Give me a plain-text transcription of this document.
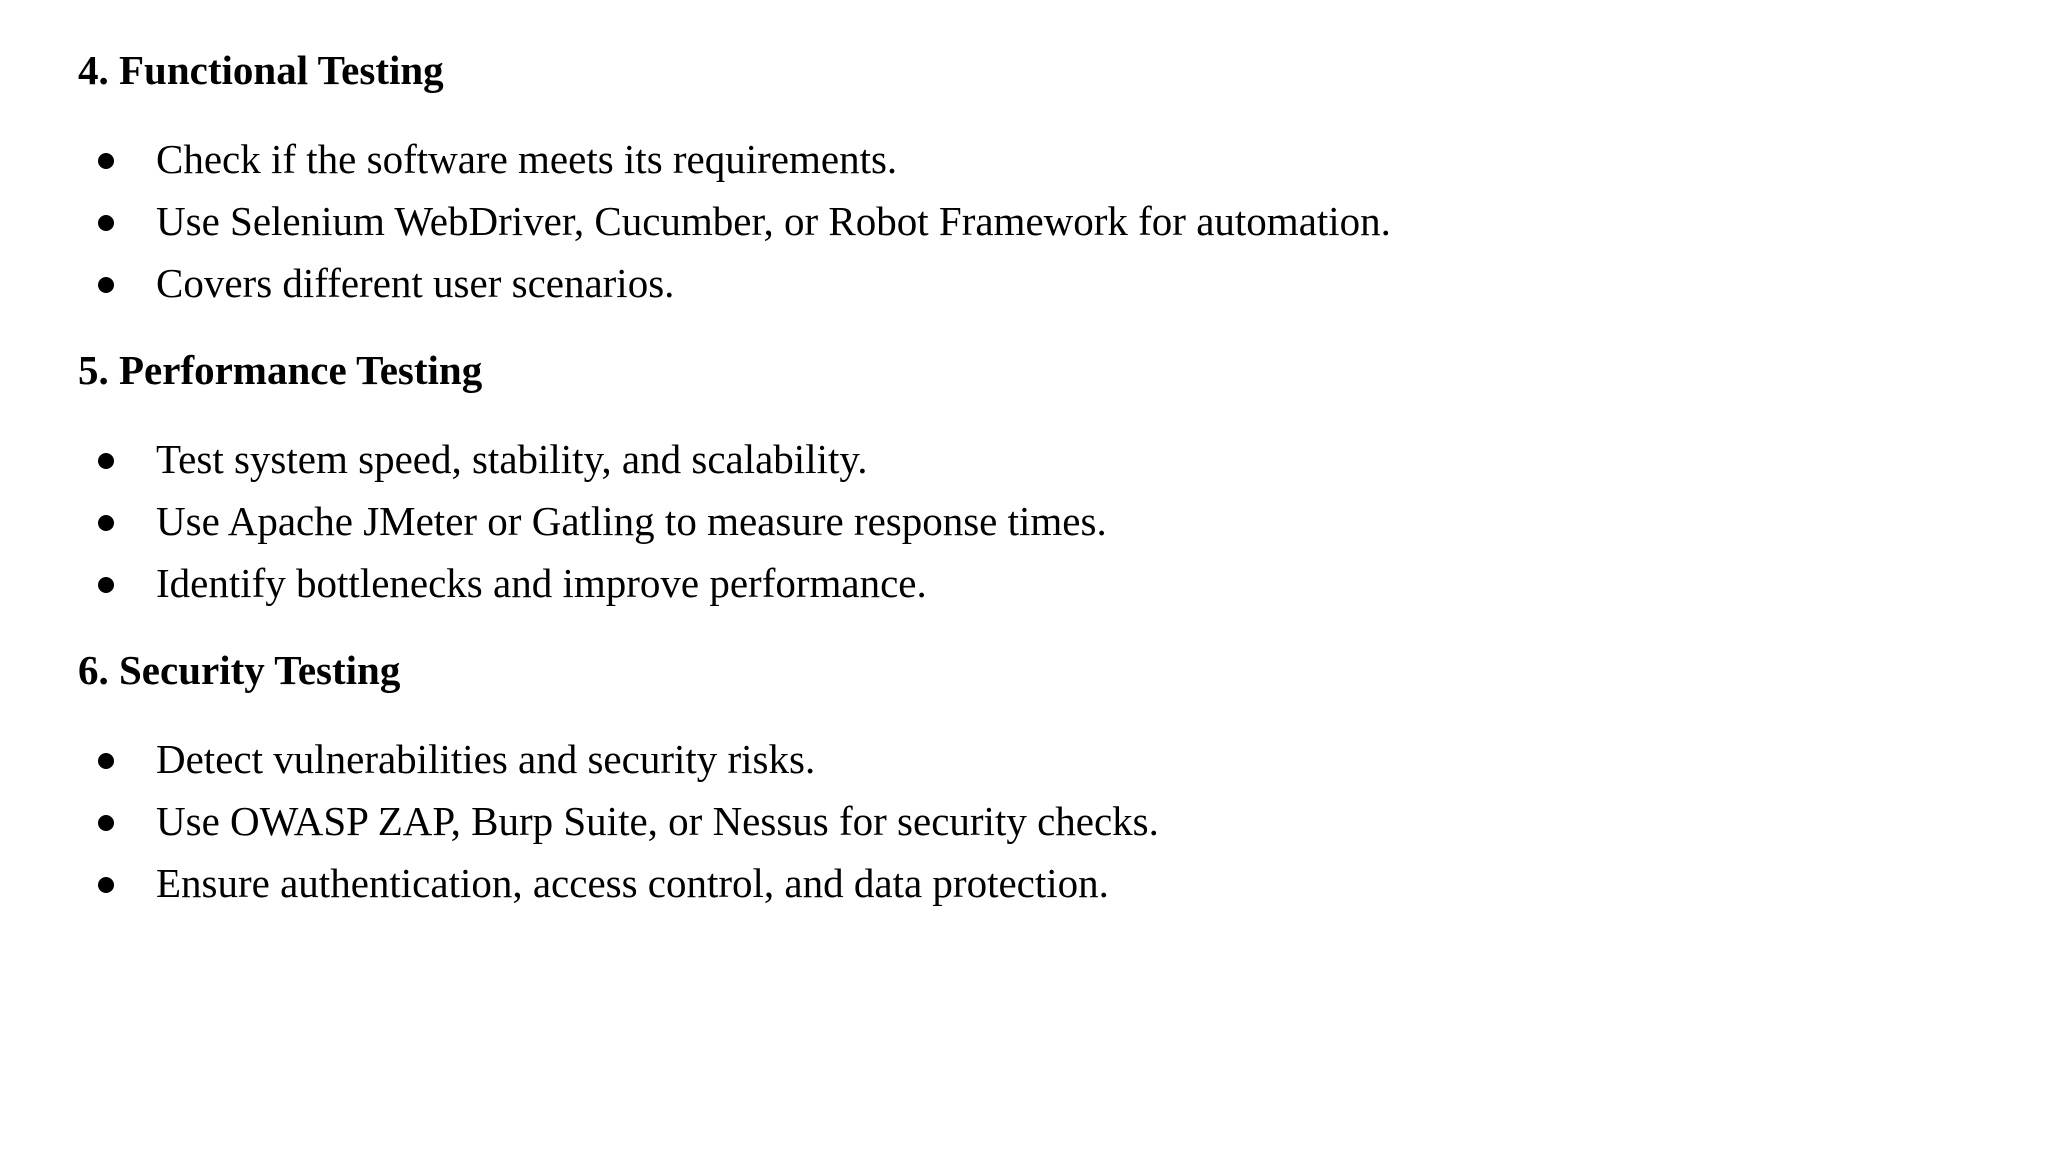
4. Functional Testing
Check if the software meets its requirements.
Use Selenium WebDriver, Cucumber, or Robot Framework for automation.
Covers different user scenarios.
5. Performance Testing
Test system speed, stability, and scalability.
Use Apache JMeter or Gatling to measure response times.
Identify bottlenecks and improve performance.
6. Security Testing
Detect vulnerabilities and security risks.
Use OWASP ZAP, Burp Suite, or Nessus for security checks.
Ensure authentication, access control, and data protection.
